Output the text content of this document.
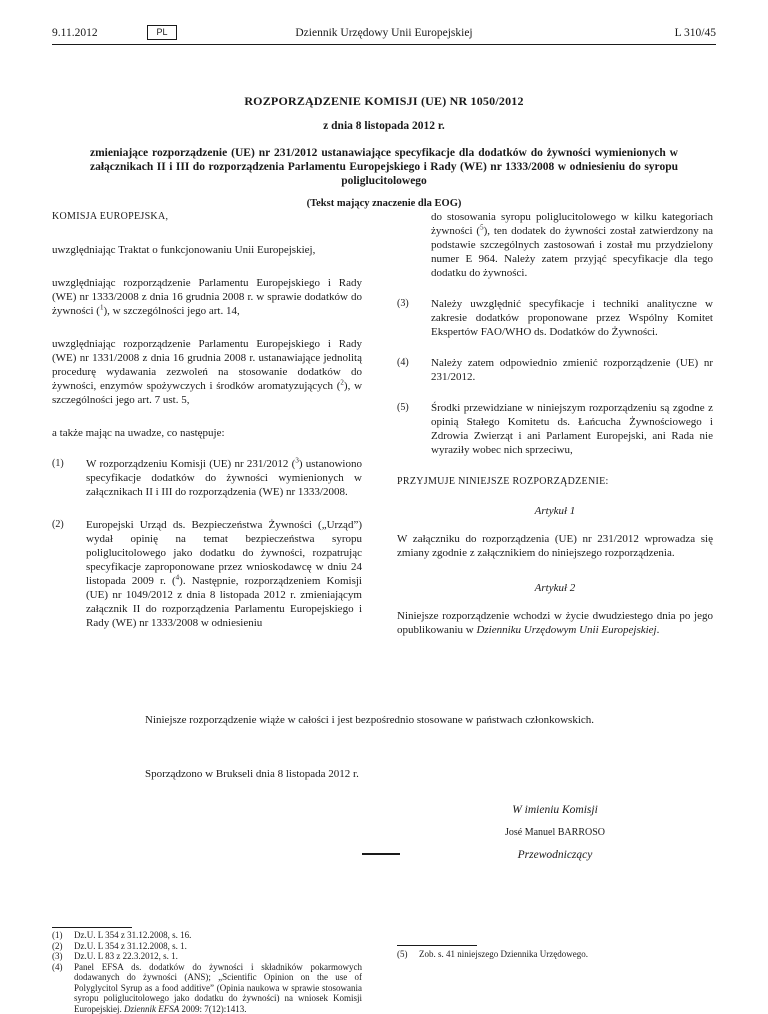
9.11.2012	PL	Dziennik Urzędowy Unii Europejskiej	L 310/45
ROZPORZĄDZENIE KOMISJI (UE) NR 1050/2012
z dnia 8 listopada 2012 r.
zmieniające rozporządzenie (UE) nr 231/2012 ustanawiające specyfikacje dla dodatków do żywności wymienionych w załącznikach II i III do rozporządzenia Parlamentu Europejskiego i Rady (WE) nr 1333/2008 w odniesieniu do syropu poliglucitolowego
(Tekst mający znaczenie dla EOG)

KOMISJA EUROPEJSKA,

uwzględniając Traktat o funkcjonowaniu Unii Europejskiej,

uwzględniając rozporządzenie Parlamentu Europejskiego i Rady (WE) nr 1333/2008 z dnia 16 grudnia 2008 r. w sprawie dodatków do żywności ($^1$), w szczególności jego art. 14,

uwzględniając rozporządzenie Parlamentu Europejskiego i Rady (WE) nr 1331/2008 z dnia 16 grudnia 2008 r. ustanawiające jednolitą procedurę wydawania zezwoleń na stosowanie dodatków do żywności, enzymów spożywczych i środków aromatyzujących ($^2$), w szczególności jego art. 7 ust. 5,

a także mając na uwadze, co następuje:

(1) W rozporządzeniu Komisji (UE) nr 231/2012 ($^3$) ustanowiono specyfikacje dodatków do żywności wymienionych w załącznikach II i III do rozporządzenia (WE) nr 1333/2008.
(2) Europejski Urząd ds. Bezpieczeństwa Żywności („Urząd”) wydał opinię na temat bezpieczeństwa syropu poliglucitolowego jako dodatku do żywności, rozpatrując specyfikacje zaproponowane przez wnioskodawcę w dniu 24 listopada 2009 r. ($^4$). Następnie, rozporządzeniem Komisji (UE) nr 1049/2012 z dnia 8 listopada 2012 r. zmieniającym załącznik II do rozporządzenia Parlamentu Europejskiego i Rady (WE) nr 1333/2008 w odniesieniu
do stosowania syropu poliglucitolowego w kilku kategoriach żywności ($^5$), ten dodatek do żywności został zatwierdzony na podstawie szczególnych zastosowań i został mu przydzielony numer E 964. Należy zatem przyjąć specyfikacje dla tego dodatku do żywności.
(3) Należy uwzględnić specyfikacje i techniki analityczne w zakresie dodatków proponowane przez Wspólny Komitet Ekspertów FAO/WHO ds. Dodatków do Żywności.
(4) Należy zatem odpowiednio zmienić rozporządzenie (UE) nr 231/2012.
(5) Środki przewidziane w niniejszym rozporządzeniu są zgodne z opinią Stałego Komitetu ds. Łańcucha Żywnościowego i Zdrowia Zwierząt i ani Parlament Europejski, ani Rada nie wyraziły wobec nich sprzeciwu,

PRZYJMUJE NINIEJSZE ROZPORZĄDZENIE:

Artykuł 1

W załączniku do rozporządzenia (UE) nr 231/2012 wprowadza się zmiany zgodnie z załącznikiem do niniejszego rozporządzenia.

Artykuł 2

Niniejsze rozporządzenie wchodzi w życie dwudziestego dnia po jego opublikowaniu w Dzienniku Urzędowym Unii Europejskiej.

Niniejsze rozporządzenie wiąże w całości i jest bezpośrednio stosowane w państwach członkowskich.

Sporządzono w Brukseli dnia 8 listopada 2012 r.

W imieniu Komisji
José Manuel BARROSO
Przewodniczący
(1) Dz.U. L 354 z 31.12.2008, s. 16.
(2) Dz.U. L 354 z 31.12.2008, s. 1.
(3) Dz.U. L 83 z 22.3.2012, s. 1.
(4) Panel EFSA ds. dodatków do żywności i składników pokarmowych dodawanych do żywności (ANS); „Scientific Opinion on the use of Polyglycitol Syrup as a food additive” (Opinia naukowa w sprawie stosowania syropu poliglucitolowego jako dodatku do żywności) na wniosek Komisji Europejskiej. Dziennik EFSA 2009: 7(12):1413.
(5) Zob. s. 41 niniejszego Dziennika Urzędowego.
